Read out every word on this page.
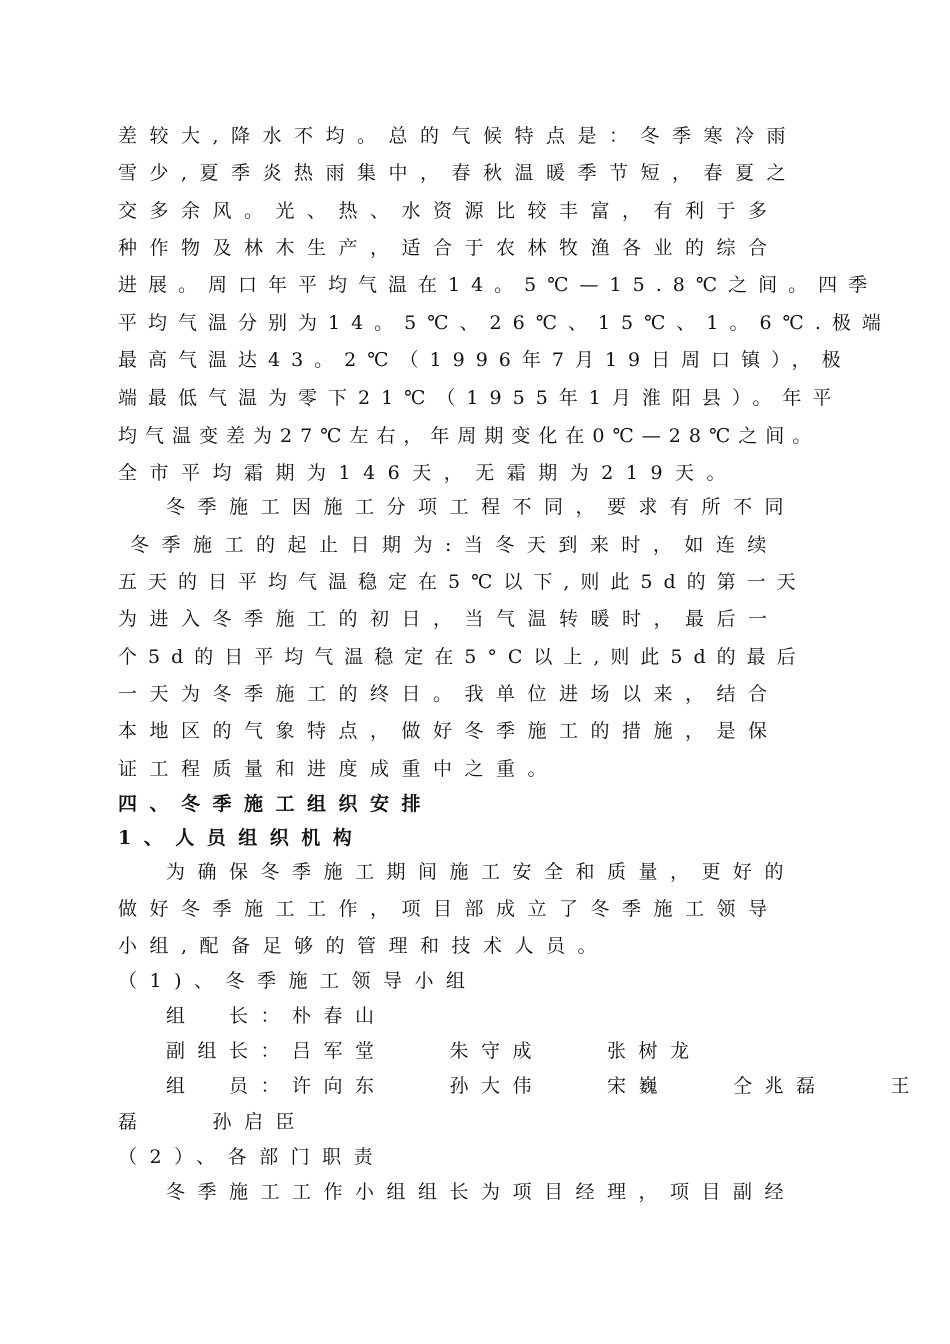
差较大,降水不均。总的气候特点是：冬季寒冷雨
雪少,夏季炎热雨集中，春秋温暖季节短，春夏之
交多余风。光、热、水资源比较丰富，有利于多
种作物及林木生产，适合于农林牧渔各业的综合
进展。周口年平均气温在14。5℃—15.8℃之间。四季
平均气温分别为14。5℃、26℃、15℃、1。6℃.极端
最高气温达43。2℃（1996年7月19日周口镇），极
端最低气温为零下21℃（1955年1月淮阳县）。年平
均气温变差为27℃左右，年周期变化在0℃—28℃之间。
全市平均霜期为146天，无霜期为219天。
冬季施工因施工分项工程不同，要求有所不同
冬季施工的起止日期为:当冬天到来时，如连续
五天的日平均气温稳定在5℃以下,则此5d的第一天
为进入冬季施工的初日，当气温转暖时，最后一
个5d的日平均气温稳定在5°C以上,则此5d的最后
一天为冬季施工的终日。我单位进场以来，结合
本地区的气象特点，做好冬季施工的措施，是保
证工程质量和进度成重中之重。
四、冬季施工组织安排
1、人员组织机构
为确保冬季施工期间施工安全和质量，更好的
做好冬季施工工作，项目部成立了冬季施工领导
小组,配备足够的管理和技术人员。
（1)、冬季施工领导小组
组　长：朴春山
副组长：吕军堂　　朱守成　　张树龙
组　员：许向东　　孙大伟　　宋巍　　仝兆磊　　王
磊　　孙启臣
（2）、各部门职责
冬季施工工作小组组长为项目经理，项目副经
